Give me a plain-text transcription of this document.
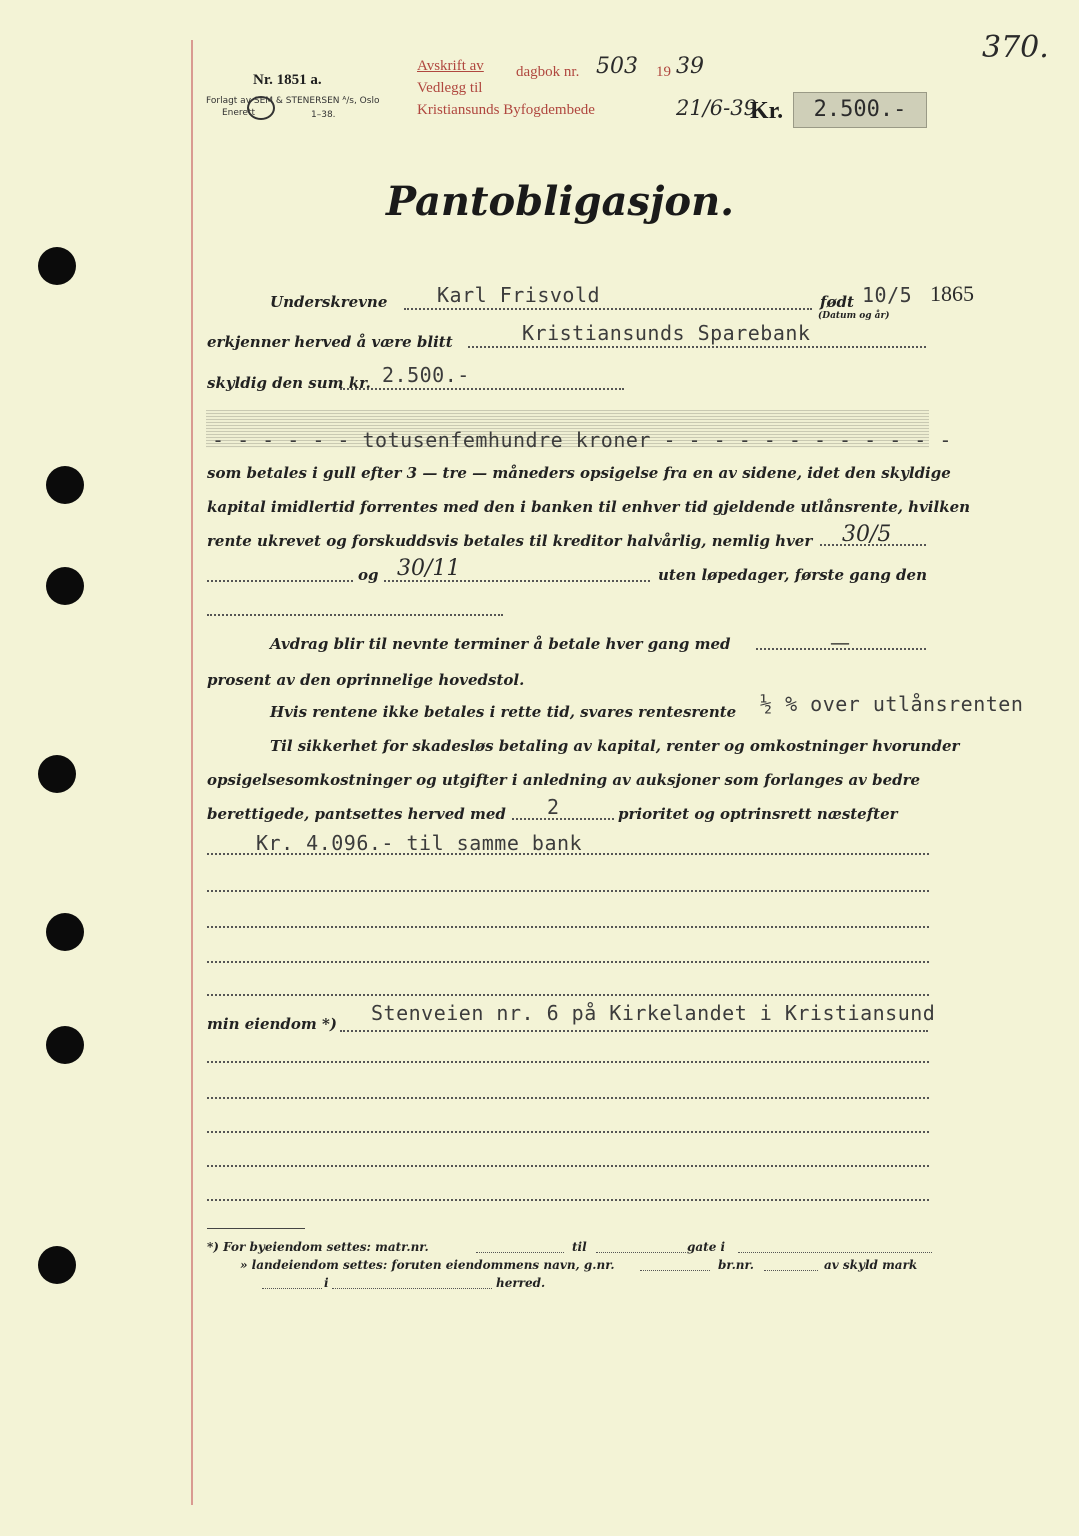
Nr. 1851 a.
Forlagt av SEM & STENERSEN ᴬ/s, Oslo
Enerett	1–38.
Avskrift av dagbok nr. 503 19 39
Vedlegg til
Kristiansunds Byfogdembede	21/6-39
Kr.	2.500.-
370.
Pantobligasjon.
Underskrevne Karl Frisvold	født 10/5 1865
(Datum og år)
erkjenner herved å være blitt	Kristiansunds Sparebank
skyldig den sum kr. 2.500.-
- - - - - - totusenfemhundre kroner - - - - - - - - - - - -
som betales i gull efter 3 — tre — måneders opsigelse fra en av sidene, idet den skyldige
kapital imidlertid forrentes med den i banken til enhver tid gjeldende utlånsrente, hvilken
rente ukrevet og forskuddsvis betales til kreditor halvårlig, nemlig hver 30/5
og 30/11	uten løpedager, første gang den
Avdrag blir til nevnte terminer å betale hver gang med	—
prosent av den oprinnelige hovedstol.
Hvis rentene ikke betales i rette tid, svares rentesrente ½ % over utlånsrenten
Til sikkerhet for skadesløs betaling av kapital, renter og omkostninger hvorunder
opsigelsesomkostninger og utgifter i anledning av auksjoner som forlanges av bedre
berettigede, pantsettes herved med 2	prioritet og optrinsrett næstefter
Kr. 4.096.- til samme bank
min eiendom *) Stenveien nr. 6 på Kirkelandet i Kristiansund
*) For byeiendom settes: matr.nr.	til	gate i
» landeiendom settes: foruten eiendommens navn, g.nr.	br.nr.	av skyld mark
i	herred.
